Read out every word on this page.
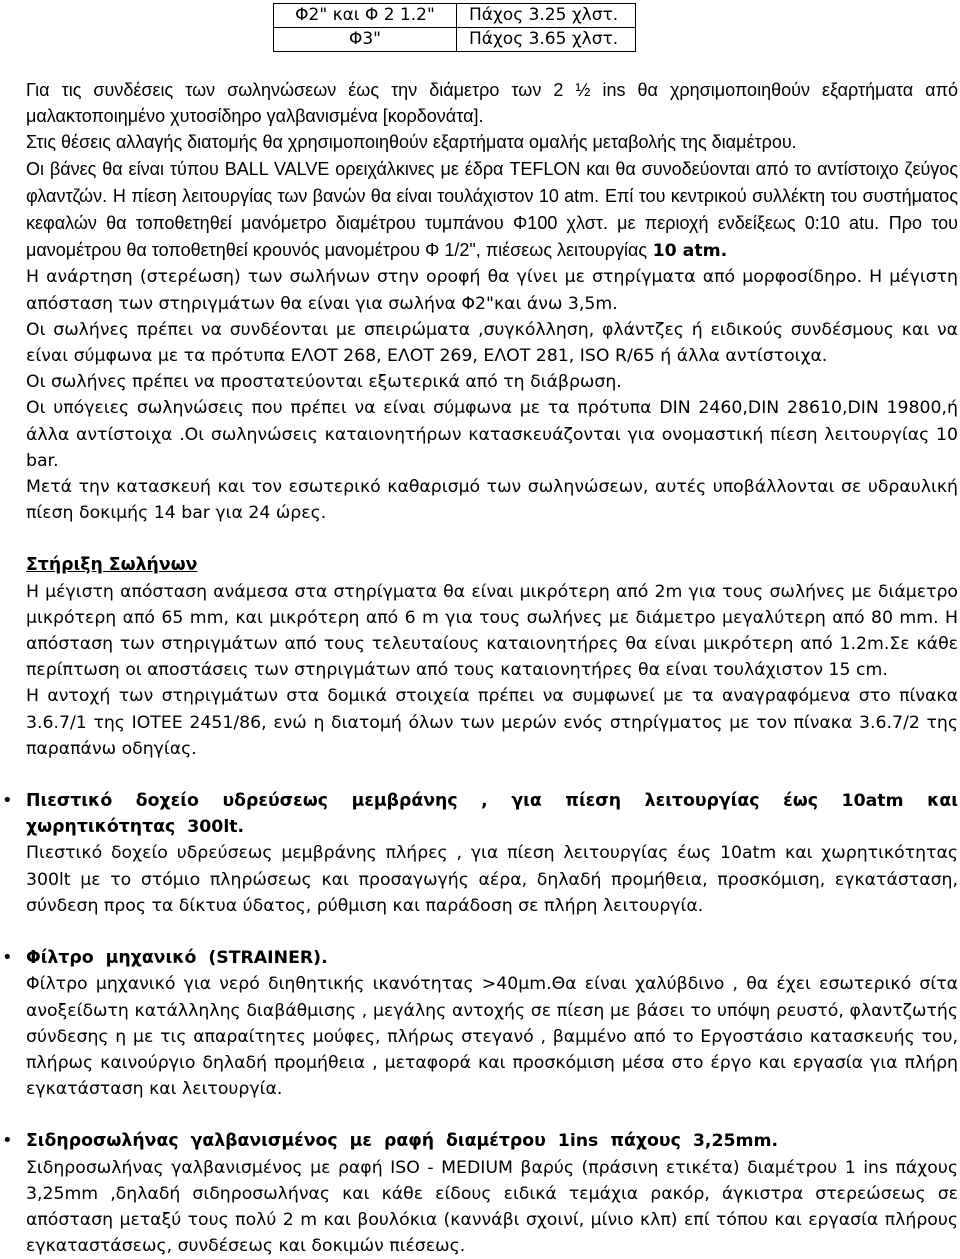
Φ2" και Φ 2 1.2"	Πάχος 3.25 χλστ.
Φ3"	Πάχος 3.65 χλστ.

Για τις συνδέσεις των σωληνώσεων έως την διάμετρο των 2 ½ ins θα χρησιμοποιηθούν εξαρτήματα από μαλακτοποιημένο χυτοσίδηρο γαλβανισμένα [κορδονάτα].

Στις θέσεις αλλαγής διατομής θα χρησιμοποιηθούν εξαρτήματα ομαλής μεταβολής της διαμέτρου.

Οι βάνες θα είναι τύπου BALL VALVE ορειχάλκινες με έδρα TEFLON και θα συνοδεύονται από το αντίστοιχο ζεύγος φλαντζών. Η πίεση λειτουργίας των βανών θα είναι τουλάχιστον 10 atm. Επί του κεντρικού συλλέκτη του συστήματος κεφαλών θα τοποθετηθεί μανόμετρο διαμέτρου τυμπάνου Φ100 χλστ. με περιοχή ενδείξεως 0:10 atu. Προ του μανομέτρου θα τοποθετηθεί κρουνός μανομέτρου Φ 1/2", πιέσεως λειτουργίας 10 atm.

Η ανάρτηση (στερέωση) των σωλήνων στην οροφή θα γίνει με στηρίγματα από μορφοσίδηρο. Η μέγιστη απόσταση των στηριγμάτων θα είναι για σωλήνα Φ2"και άνω 3,5m.

Οι σωλήνες πρέπει να συνδέονται με σπειρώματα ,συγκόλληση, φλάντζες ή ειδικούς συνδέσμους και να είναι σύμφωνα με τα πρότυπα ΕΛΟΤ 268, ΕΛΟΤ 269, ΕΛΟΤ 281, ISO R/65 ή άλλα αντίστοιχα.

Οι σωλήνες πρέπει να προστατεύονται εξωτερικά από τη διάβρωση.

Οι υπόγειες σωληνώσεις που πρέπει να είναι σύμφωνα με τα πρότυπα DIN 2460,DIN 28610,DIN 19800,ή άλλα αντίστοιχα .Οι σωληνώσεις καταιονητήρων κατασκευάζονται για ονομαστική πίεση λειτουργίας 10 bar.

Μετά την κατασκευή και τον εσωτερικό καθαρισμό των σωληνώσεων, αυτές υποβάλλονται σε υδραυλική πίεση δοκιμής 14 bar για 24 ώρες.

Στήριξη Σωλήνων

Η μέγιστη απόσταση ανάμεσα στα στηρίγματα θα είναι μικρότερη από 2m για τους σωλήνες με διάμετρο μικρότερη από 65 mm, και μικρότερη από 6 m για τους σωλήνες με διάμετρο μεγαλύτερη από 80 mm. Η απόσταση των στηριγμάτων από τους τελευταίους καταιονητήρες θα είναι μικρότερη από 1.2m.Σε κάθε περίπτωση οι αποστάσεις των στηριγμάτων από τους καταιονητήρες θα είναι τουλάχιστον 15 cm.

Η αντοχή των στηριγμάτων στα δομικά στοιχεία πρέπει να συμφωνεί με τα αναγραφόμενα στο πίνακα 3.6.7/1 της ΙΟΤΕΕ 2451/86, ενώ η διατομή όλων των μερών ενός στηρίγματος με τον πίνακα 3.6.7/2 της παραπάνω οδηγίας.

• Πιεστικό δοχείο υδρεύσεως μεμβράνης , για πίεση λειτουργίας έως 10atm και χωρητικότητας 300lt.

Πιεστικό δοχείο υδρεύσεως μεμβράνης πλήρες , για πίεση λειτουργίας έως 10atm και χωρητικότητας 300lt με το στόμιο πληρώσεως και προσαγωγής αέρα, δηλαδή προμήθεια, προσκόμιση, εγκατάσταση, σύνδεση προς τα δίκτυα ύδατος, ρύθμιση και παράδοση σε πλήρη λειτουργία.

• Φίλτρο μηχανικό (STRAINER).

Φίλτρο μηχανικό για νερό διηθητικής ικανότητας >40μm.Θα είναι χαλύβδινο , θα έχει εσωτερικό σίτα ανοξείδωτη κατάλληλης διαβάθμισης , μεγάλης αντοχής σε πίεση με βάσει το υπόψη ρευστό, φλαντζωτής σύνδεσης η με τις απαραίτητες μούφες, πλήρως στεγανό , βαμμένο από το Εργοστάσιο κατασκευής του, πλήρως καινούργιο δηλαδή προμήθεια , μεταφορά και προσκόμιση μέσα στο έργο και εργασία για πλήρη εγκατάσταση και λειτουργία.

• Σιδηροσωλήνας γαλβανισμένος με ραφή διαμέτρου 1ins πάχους 3,25mm.

Σιδηροσωλήνας γαλβανισμένος με ραφή ISO - MEDIUM βαρύς (πράσινη ετικέτα) διαμέτρου 1 ins πάχους 3,25mm ,δηλαδή σιδηροσωλήνας και κάθε είδους ειδικά τεμάχια ρακόρ, άγκιστρα στερεώσεως σε απόσταση μεταξύ τους πολύ 2 m και βουλόκια (καννάβι σχοινί, μίνιο κλπ) επί τόπου και εργασία πλήρους εγκαταστάσεως, συνδέσεως και δοκιμών πιέσεως.
